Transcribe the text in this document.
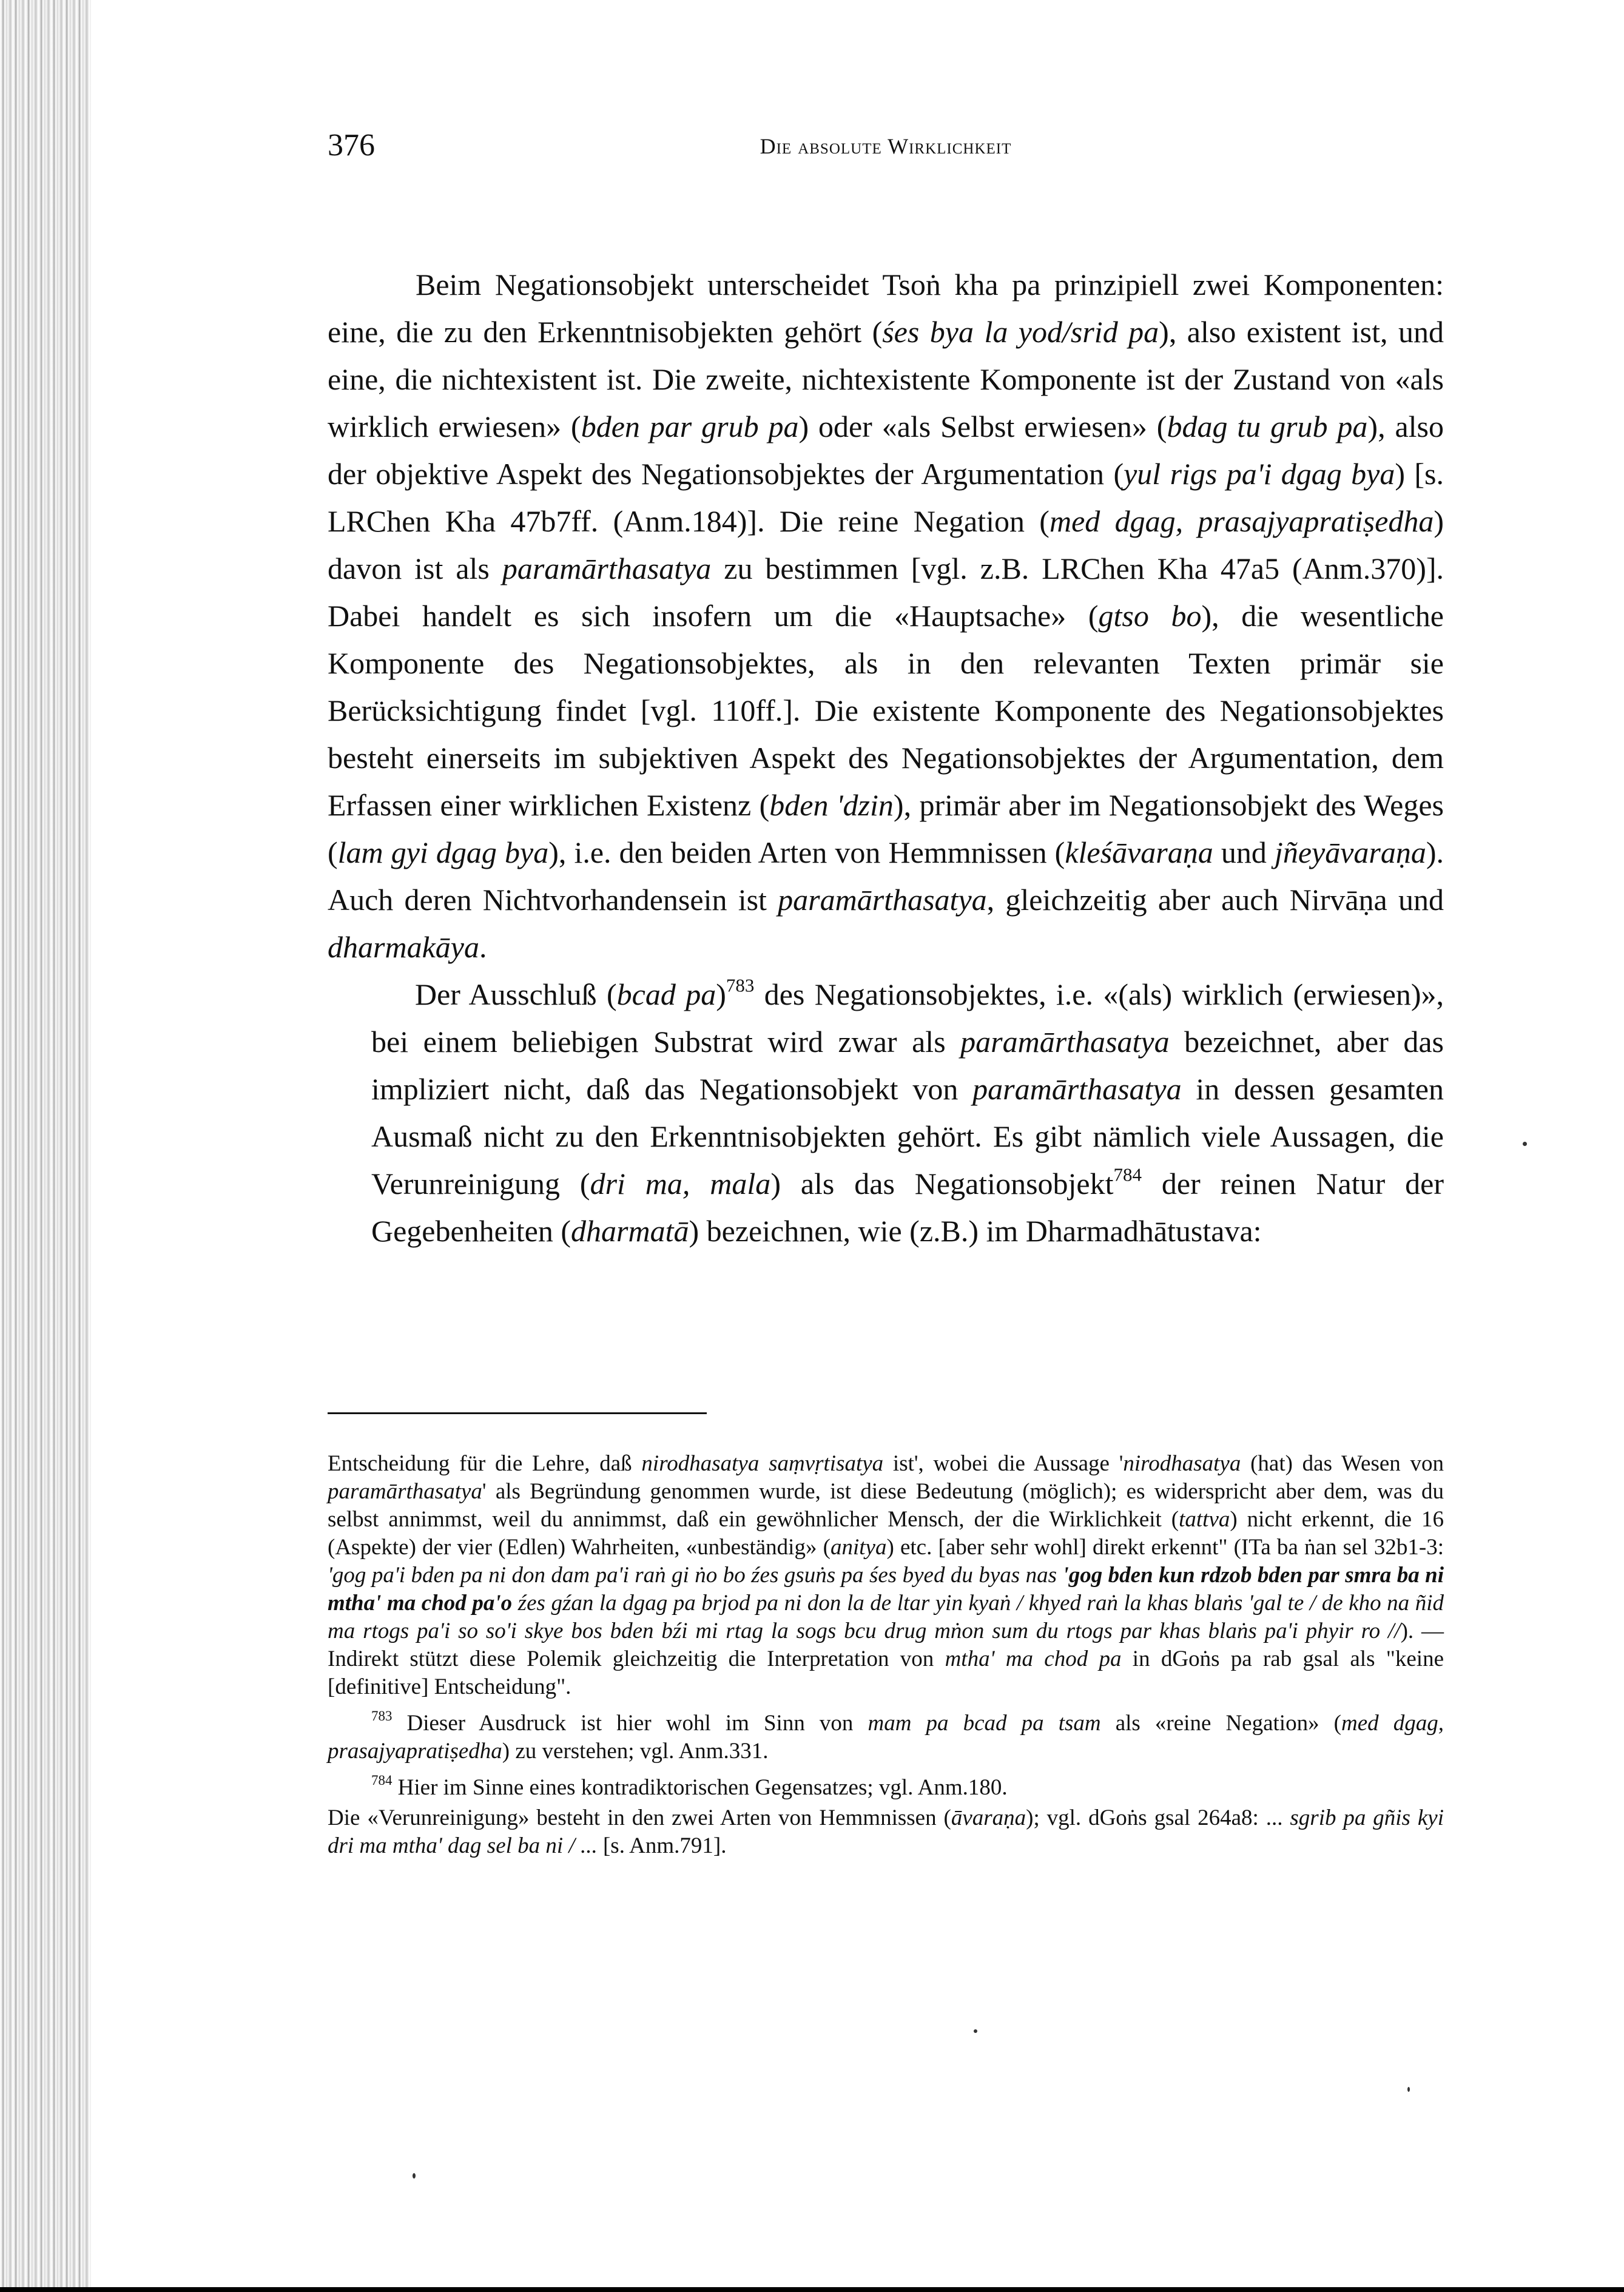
376	Die absolute Wirklichkeit

Beim Negationsobjekt unterscheidet Tsoṅ kha pa prinzipiell zwei Komponenten: eine, die zu den Erkenntnisobjekten gehört (śes bya la yod/srid pa), also existent ist, und eine, die nichtexistent ist. Die zweite, nichtexistente Komponente ist der Zustand von «als wirklich erwiesen» (bden par grub pa) oder «als Selbst erwiesen» (bdag tu grub pa), also der objektive Aspekt des Negationsobjektes der Argumentation (yul rigs pa'i dgag bya) [s. LRChen Kha 47b7ff. (Anm.184)]. Die reine Negation (med dgag, prasajyapratiṣedha) davon ist als paramārthasatya zu bestimmen [vgl. z.B. LRChen Kha 47a5 (Anm.370)]. Dabei handelt es sich insofern um die «Hauptsache» (gtso bo), die wesentliche Komponente des Negationsobjektes, als in den relevanten Texten primär sie Berücksichtigung findet [vgl. 110ff.]. Die existente Komponente des Negationsobjektes besteht einerseits im subjektiven Aspekt des Negationsobjektes der Argumentation, dem Erfassen einer wirklichen Existenz (bden 'dzin), primär aber im Negationsobjekt des Weges (lam gyi dgag bya), i.e. den beiden Arten von Hemmnissen (kleśāvaraṇa und jñeyāvaraṇa). Auch deren Nichtvorhandensein ist paramārthasatya, gleichzeitig aber auch Nirvāṇa und dharmakāya.

Der Ausschluß (bcad pa)$^{783}$ des Negationsobjektes, i.e. «(als) wirklich (erwiesen)», bei einem beliebigen Substrat wird zwar als paramārthasatya bezeichnet, aber das impliziert nicht, daß das Negationsobjekt von paramārthasatya in dessen gesamten Ausmaß nicht zu den Erkenntnisobjekten gehört. Es gibt nämlich viele Aussagen, die Verunreinigung (dri ma, mala) als das Negationsobjekt$^{784}$ der reinen Natur der Gegebenheiten (dharmatā) bezeichnen, wie (z.B.) im Dharmadhātustava:

Entscheidung für die Lehre, daß nirodhasatya saṃvṛtisatya ist', wobei die Aussage 'nirodhasatya (hat) das Wesen von paramārthasatya' als Begründung genommen wurde, ist diese Bedeutung (möglich); es widerspricht aber dem, was du selbst annimmst, weil du annimmst, daß ein gewöhnlicher Mensch, der die Wirklichkeit (tattva) nicht erkennt, die 16 (Aspekte) der vier (Edlen) Wahrheiten, «unbeständig» (anitya) etc. [aber sehr wohl] direkt erkennt" (ITa ba ṅan sel 32b1-3: 'gog pa'i bden pa ni don dam pa'i raṅ gi ṅo bo źes gsuṅs pa śes byed du byas nas 'gog bden kun rdzob bden par smra ba ni mtha' ma chod pa'o źes gźan la dgag pa brjod pa ni don la de ltar yin kyaṅ / khyed raṅ la khas blaṅs 'gal te / de kho na ñid ma rtogs pa'i so so'i skye bos bden bźi mi rtag la sogs bcu drug mṅon sum du rtogs par khas blaṅs pa'i phyir ro //). — Indirekt stützt diese Polemik gleichzeitig die Interpretation von mtha' ma chod pa in dGoṅs pa rab gsal als "keine [definitive] Entscheidung".

$^{783}$ Dieser Ausdruck ist hier wohl im Sinn von mam pa bcad pa tsam als «reine Negation» (med dgag, prasajyapratiṣedha) zu verstehen; vgl. Anm.331.

$^{784}$ Hier im Sinne eines kontradiktorischen Gegensatzes; vgl. Anm.180.

Die «Verunreinigung» besteht in den zwei Arten von Hemmnissen (āvaraṇa); vgl. dGoṅs gsal 264a8: ... sgrib pa gñis kyi dri ma mtha' dag sel ba ni / ... [s. Anm.791].
